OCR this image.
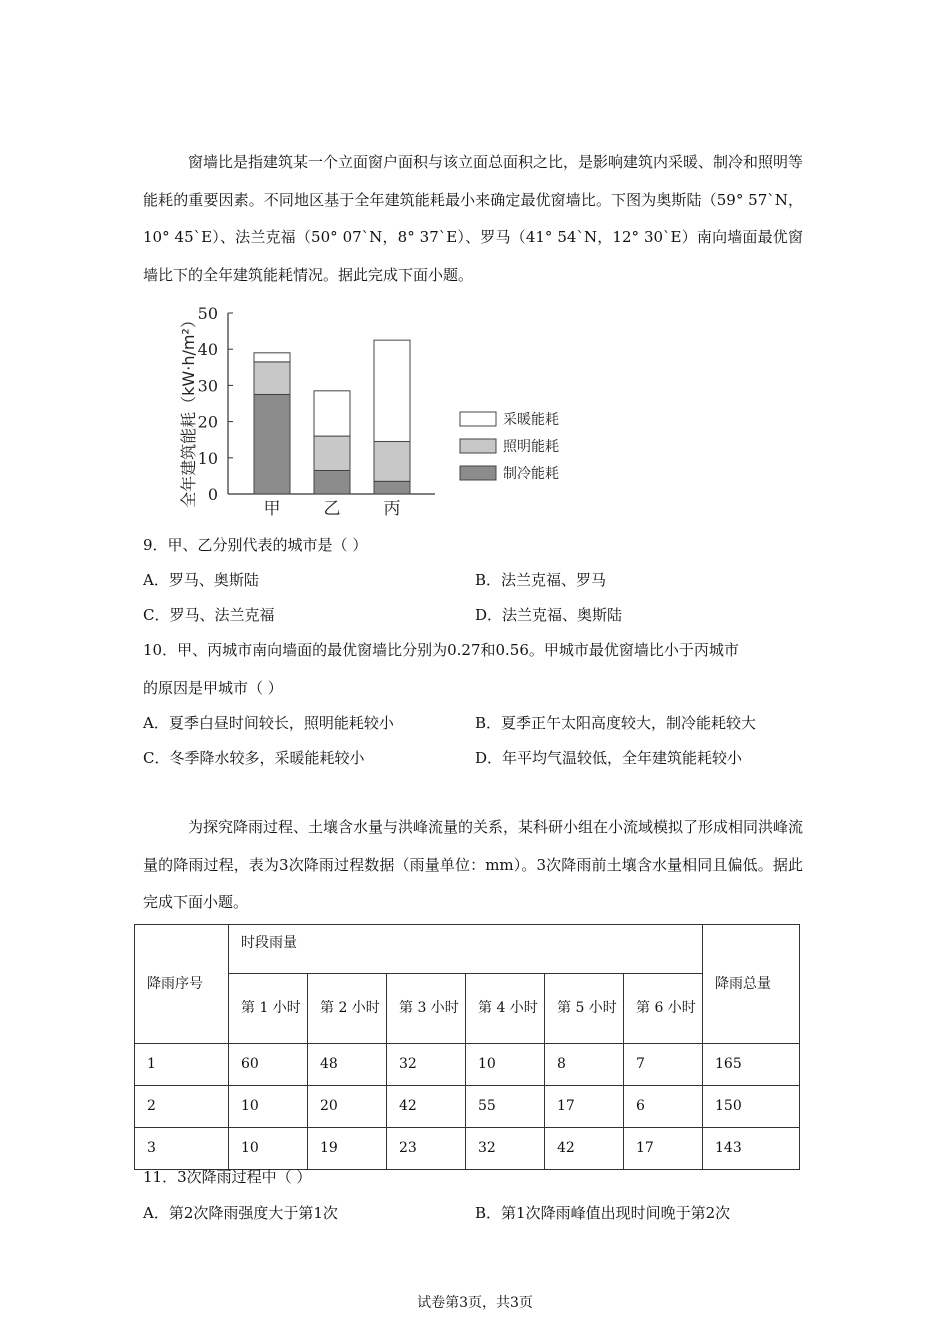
窗墙比是指建筑某一个立面窗户面积与该立面总面积之比，是影响建筑内采暖、制冷和照明等能耗的重要因素。不同地区基于全年建筑能耗最小来确定最优窗墙比。下图为奥斯陆（59° 57`N，10° 45`E）、法兰克福（50° 07`N，8° 37`E）、罗马（41° 54`N，12° 30`E）南向墙面最优窗墙比下的全年建筑能耗情况。据此完成下面小题。

0
10
20
30
40
50
甲	乙	丙
采暖能耗
照明能耗
制冷能耗
全年建筑能耗（kW·h/m²）

9．甲、乙分别代表的城市是（ ）

A．罗马、奥斯陆	B．法兰克福、罗马

C．罗马、法兰克福	D．法兰克福、奥斯陆

10．甲、丙城市南向墙面的最优窗墙比分别为0.27和0.56。甲城市最优窗墙比小于丙城市

的原因是甲城市（ ）

A．夏季白昼时间较长，照明能耗较小	B．夏季正午太阳高度较大，制冷能耗较大

C．冬季降水较多，采暖能耗较小	D．年平均气温较低，全年建筑能耗较小

为探究降雨过程、土壤含水量与洪峰流量的关系，某科研小组在小流域模拟了形成相同洪峰流量的降雨过程，表为3次降雨过程数据（雨量单位：mm）。3次降雨前土壤含水量相同且偏低。据此完成下面小题。

降雨序号	时段雨量						降雨总量
	第 1 小时	第 2 小时	第 3 小时	第 4 小时	第 5 小时	第 6 小时	
1	60	48	32	10	8	7	165
2	10	20	42	55	17	6	150
3	10	19	23	32	42	17	143

11．3次降雨过程中（ ）

A．第2次降雨强度大于第1次	B．第1次降雨峰值出现时间晚于第2次

试卷第3页，共3页
